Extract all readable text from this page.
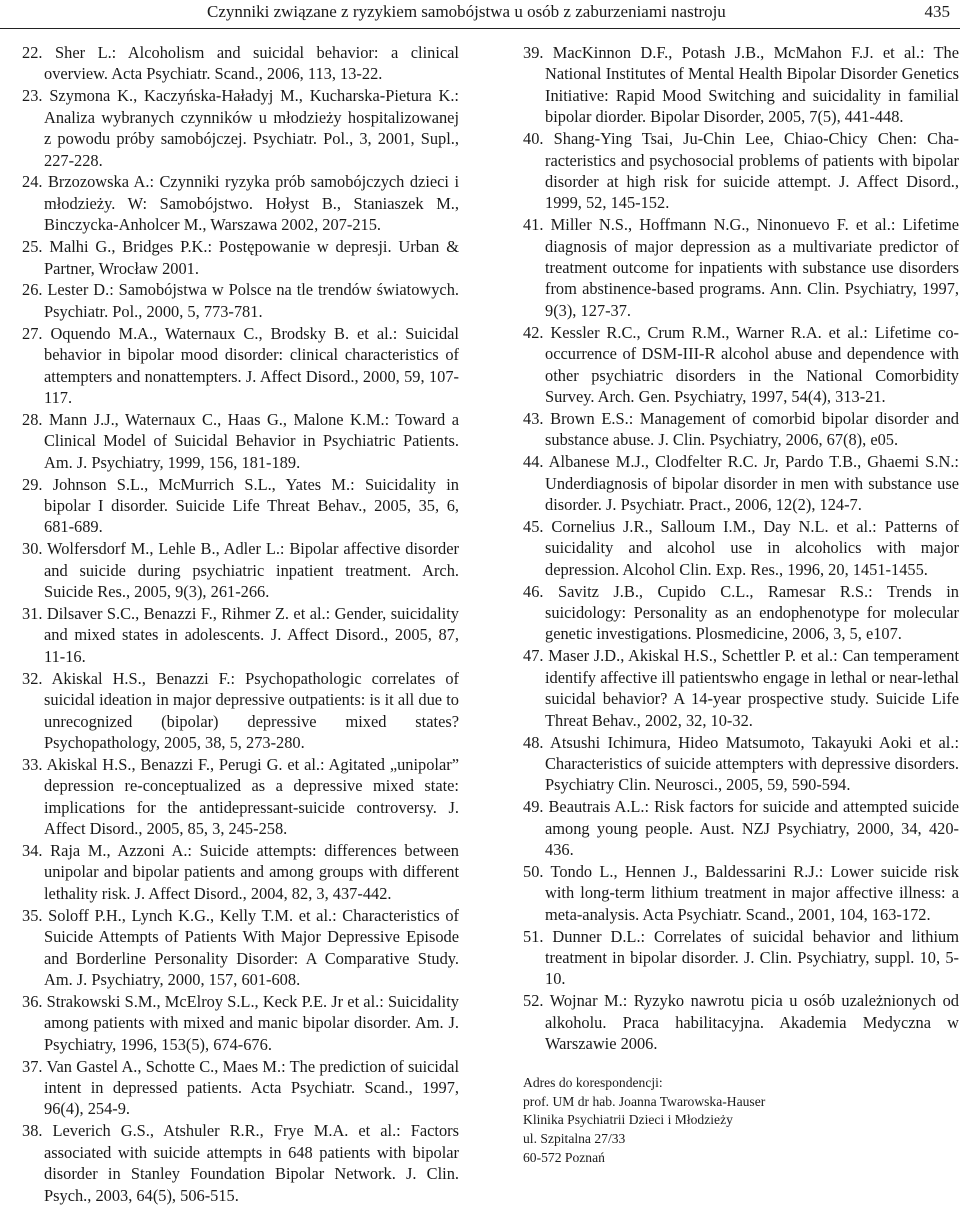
Czynniki związane z ryzykiem samobójstwa u osób z zaburzeniami nastroju	435

22. Sher L.: Alcoholism and suicidal behavior: a clinical overview. Acta Psychiatr. Scand., 2006, 113, 13-22.

23. Szymona K., Kaczyńska-Haładyj M., Kucharska-Pietura K.: Analiza wybranych czynników u młodzieży hospitalizowanej z powodu próby samobójczej. Psychiatr. Pol., 3, 2001, Supl., 227-228.

24. Brzozowska A.: Czynniki ryzyka prób samobójczych dzieci i młodzieży. W: Samobójstwo. Hołyst B., Staniaszek M., Binczycka-Anholcer M., Warszawa 2002, 207-215.

25. Malhi G., Bridges P.K.: Postępowanie w depresji. Urban & Partner, Wrocław 2001.

26. Lester D.: Samobójstwa w Polsce na tle trendów światowych. Psychiatr. Pol., 2000, 5, 773-781.

27. Oquendo M.A., Waternaux C., Brodsky B. et al.: Suicidal behavior in bipolar mood disorder: clinical characteristics of attempters and nonattempters. J. Affect Disord., 2000, 59, 107-117.

28. Mann J.J., Waternaux C., Haas G., Malone K.M.: Toward a Clinical Model of Suicidal Behavior in Psychiatric Patients. Am. J. Psychiatry, 1999, 156, 181-189.

29. Johnson S.L., McMurrich S.L., Yates M.: Suicidality in bipolar I disorder. Suicide Life Threat Behav., 2005, 35, 6, 681-689.

30. Wolfersdorf M., Lehle B., Adler L.: Bipolar affective disorder and suicide during psychiatric inpatient treatment. Arch. Suicide Res., 2005, 9(3), 261-266.

31. Dilsaver S.C., Benazzi F., Rihmer Z. et al.: Gender, suicidality and mixed states in adolescents. J. Affect Disord., 2005, 87, 11-16.

32. Akiskal H.S., Benazzi F.: Psychopathologic correlates of suicidal ideation in major depressive outpatients: is it all due to unrecognized (bipolar) depressive mixed states? Psychopathology, 2005, 38, 5, 273-280.

33. Akiskal H.S., Benazzi F., Perugi G. et al.: Agitated „unipolar” depression re-conceptualized as a depressive mixed state: implications for the antidepressant-suicide controversy. J. Affect Disord., 2005, 85, 3, 245-258.

34. Raja M., Azzoni A.: Suicide attempts: differences between unipolar and bipolar patients and among groups with different lethality risk. J. Affect Disord., 2004, 82, 3, 437-442.

35. Soloff P.H., Lynch K.G., Kelly T.M. et al.: Characteristics of Suicide Attempts of Patients With Major Depressive Episode and Borderline Personality Disorder: A Comparative Study. Am. J. Psychiatry, 2000, 157, 601-608.

36. Strakowski S.M., McElroy S.L., Keck P.E. Jr et al.: Suicidality among patients with mixed and manic bipolar disorder. Am. J. Psychiatry, 1996, 153(5), 674-676.

37. Van Gastel A., Schotte C., Maes M.: The prediction of suicidal intent in depressed patients. Acta Psychiatr. Scand., 1997, 96(4), 254-9.

38. Leverich G.S., Atshuler R.R., Frye M.A. et al.: Factors associated with suicide attempts in 648 patients with bipolar disorder in Stanley Foundation Bipolar Network. J. Clin. Psych., 2003, 64(5), 506-515.

39. MacKinnon D.F., Potash J.B., McMahon F.J. et al.: The National Institutes of Mental Health Bipolar Disorder Genetics Initiative: Rapid Mood Switching and suicidality in familial bipolar diorder. Bipolar Disorder, 2005, 7(5), 441-448.

40. Shang-Ying Tsai, Ju-Chin Lee, Chiao-Chicy Chen: Cha-racteristics and psychosocial problems of patients with bipolar disorder at high risk for suicide attempt. J. Affect Disord., 1999, 52, 145-152.

41. Miller N.S., Hoffmann N.G., Ninonuevo F. et al.: Lifetime diagnosis of major depression as a multivariate predictor of treatment outcome for inpatients with substance use disorders from abstinence-based programs. Ann. Clin. Psychiatry, 1997, 9(3), 127-37.

42. Kessler R.C., Crum R.M., Warner R.A. et al.: Lifetime co-occurrence of DSM-III-R alcohol abuse and dependence with other psychiatric disorders in the National Comorbidity Survey. Arch. Gen. Psychiatry, 1997, 54(4), 313-21.

43. Brown E.S.: Management of comorbid bipolar disorder and substance abuse. J. Clin. Psychiatry, 2006, 67(8), e05.

44. Albanese M.J., Clodfelter R.C. Jr, Pardo T.B., Ghaemi S.N.: Underdiagnosis of bipolar disorder in men with substance use disorder. J. Psychiatr. Pract., 2006, 12(2), 124-7.

45. Cornelius J.R., Salloum I.M., Day N.L. et al.: Patterns of suicidality and alcohol use in alcoholics with major depression. Alcohol Clin. Exp. Res., 1996, 20, 1451-1455.

46. Savitz J.B., Cupido C.L., Ramesar R.S.: Trends in suicidology: Personality as an endophenotype for molecular genetic investigations. Plosmedicine, 2006, 3, 5, e107.

47. Maser J.D., Akiskal H.S., Schettler P. et al.: Can temperament identify affective ill patientswho engage in lethal or near-lethal suicidal behavior? A 14-year prospective study. Suicide Life Threat Behav., 2002, 32, 10-32.

48. Atsushi Ichimura, Hideo Matsumoto, Takayuki Aoki et al.: Characteristics of suicide attempters with depressive disorders. Psychiatry Clin. Neurosci., 2005, 59, 590-594.

49. Beautrais A.L.: Risk factors for suicide and attempted suicide among young people. Aust. NZJ Psychiatry, 2000, 34, 420-436.

50. Tondo L., Hennen J., Baldessarini R.J.: Lower suicide risk with long-term lithium treatment in major affective illness: a meta-analysis. Acta Psychiatr. Scand., 2001, 104, 163-172.

51. Dunner D.L.: Correlates of suicidal behavior and lithium treatment in bipolar disorder. J. Clin. Psychiatry, suppl. 10, 5-10.

52. Wojnar M.: Ryzyko nawrotu picia u osób uzależnionych od alkoholu. Praca habilitacyjna. Akademia Medyczna w Warszawie 2006.

Adres do korespondencji:
prof. UM dr hab. Joanna Twarowska-Hauser
Klinika Psychiatrii Dzieci i Młodzieży
ul. Szpitalna 27/33
60-572 Poznań
